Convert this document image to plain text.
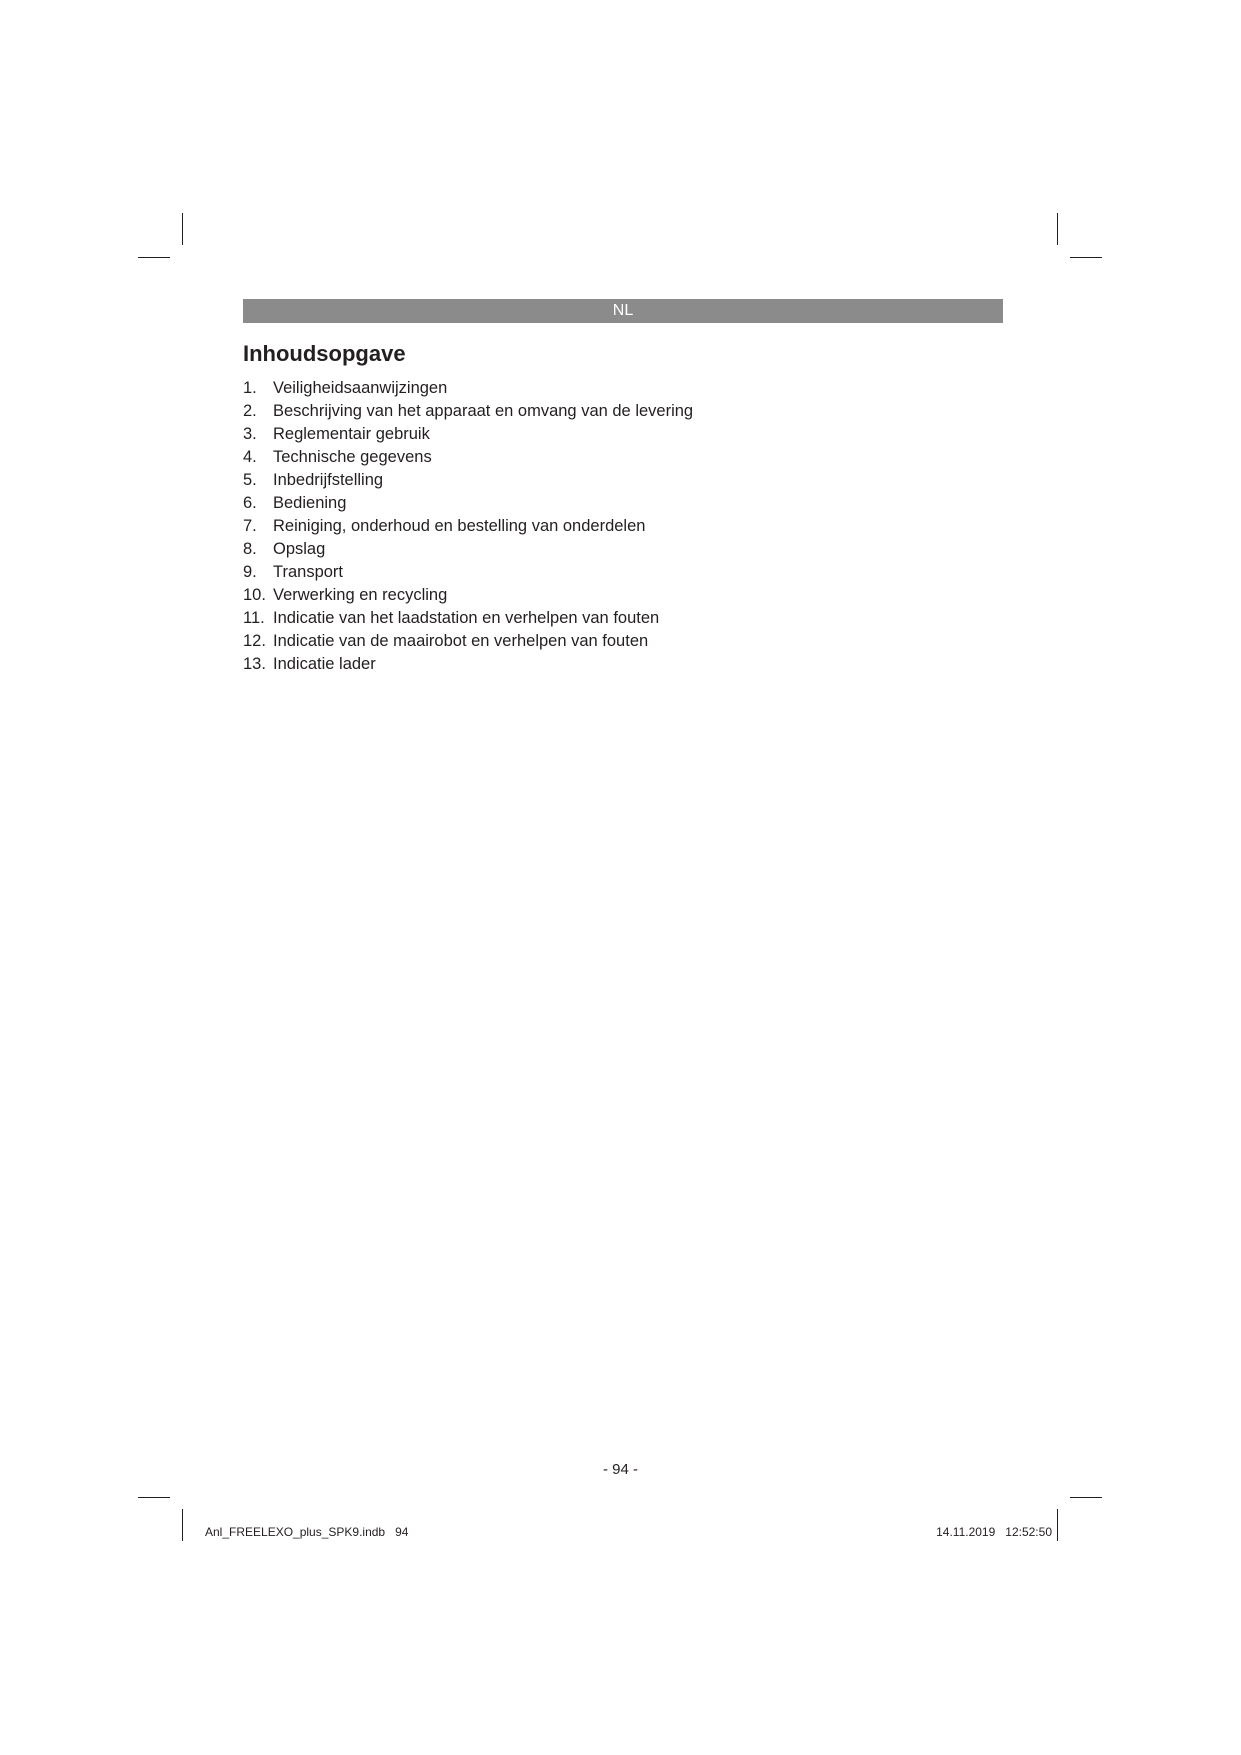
NL
Inhoudsopgave
1. Veiligheidsaanwijzingen
2. Beschrijving van het apparaat en omvang van de levering
3. Reglementair gebruik
4. Technische gegevens
5. Inbedrijfstelling
6. Bediening
7. Reiniging, onderhoud en bestelling van onderdelen
8. Opslag
9. Transport
10. Verwerking en recycling
11. Indicatie van het laadstation en verhelpen van fouten
12. Indicatie van de maairobot en verhelpen van fouten
13. Indicatie lader
- 94 -
Anl_FREELEXO_plus_SPK9.indb   94	14.11.2019   12:52:50
